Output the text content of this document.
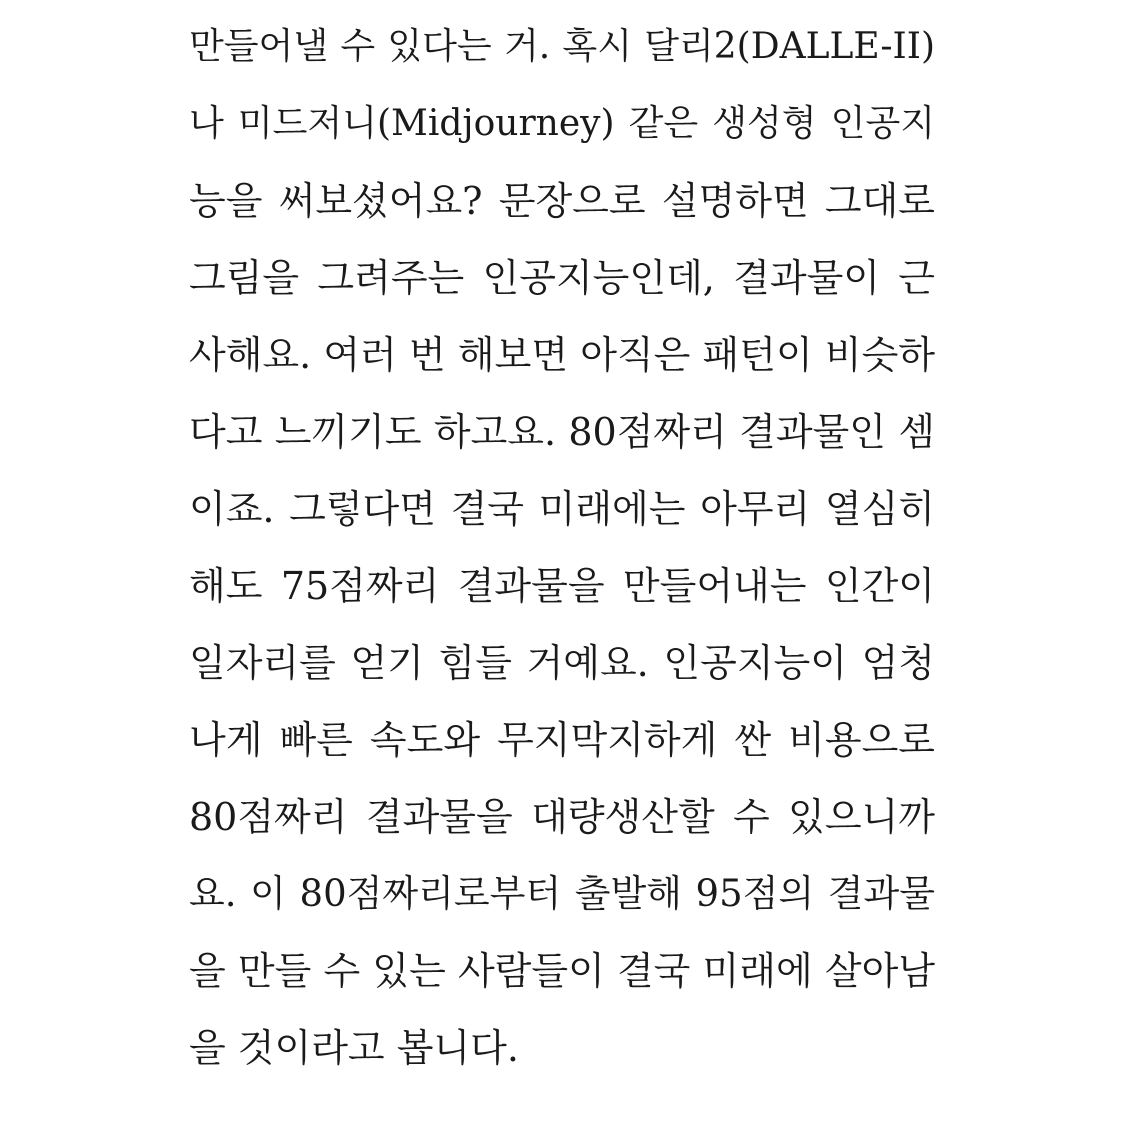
만들어낼 수 있다는 거. 혹시 달리2(DALLE-II)
나 미드저니(Midjourney) 같은 생성형 인공지
능을 써보셨어요? 문장으로 설명하면 그대로
그림을 그려주는 인공지능인데, 결과물이 근
사해요. 여러 번 해보면 아직은 패턴이 비슷하
다고 느끼기도 하고요. 80점짜리 결과물인 셈
이죠. 그렇다면 결국 미래에는 아무리 열심히
해도 75점짜리 결과물을 만들어내는 인간이
일자리를 얻기 힘들 거예요. 인공지능이 엄청
나게 빠른 속도와 무지막지하게 싼 비용으로
80점짜리 결과물을 대량생산할 수 있으니까
요. 이 80점짜리로부터 출발해 95점의 결과물
을 만들 수 있는 사람들이 결국 미래에 살아남
을 것이라고 봅니다.
